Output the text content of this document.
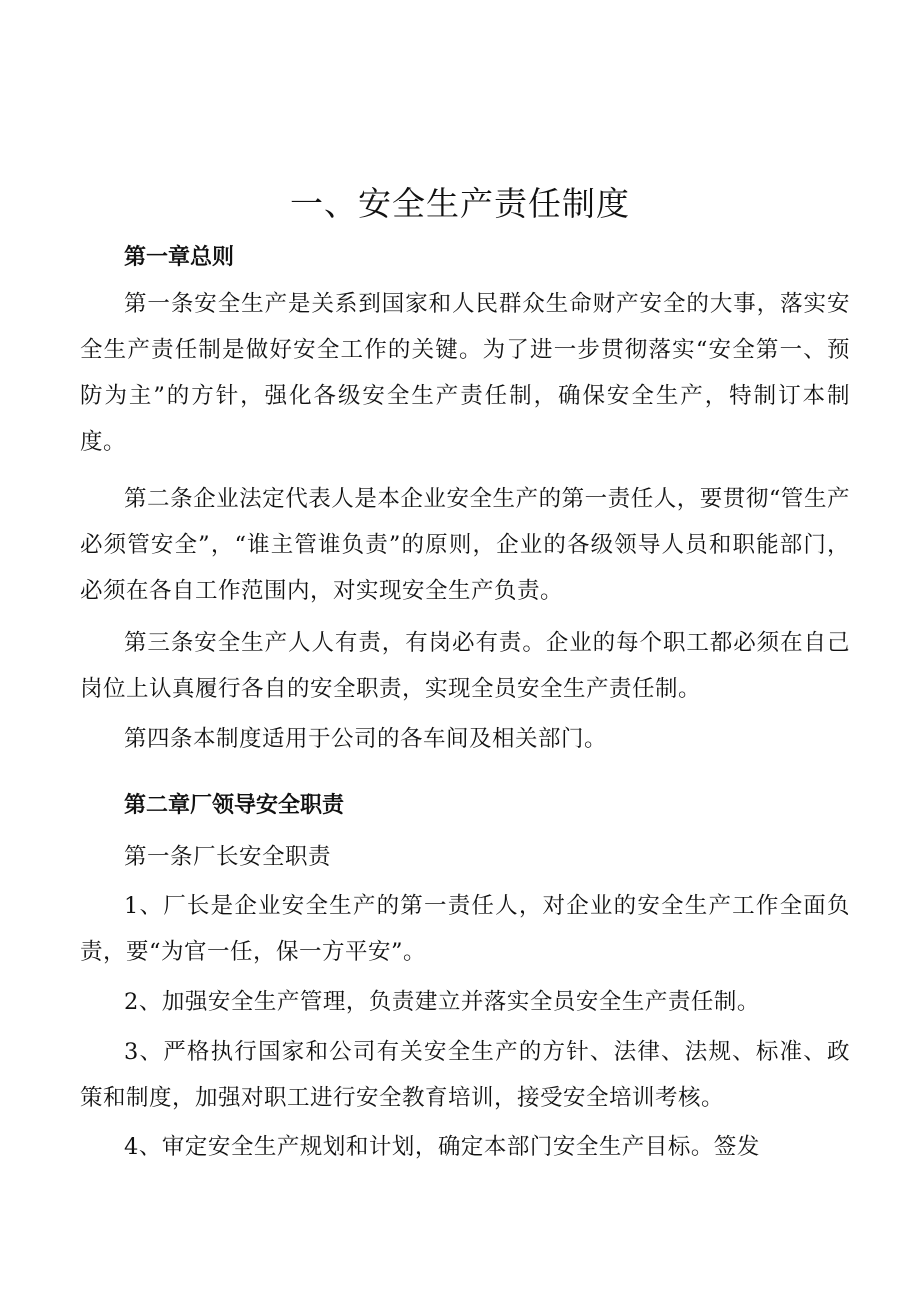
一、安全生产责任制度
第一章总则

第一条安全生产是关系到国家和人民群众生命财产安全的大事，落实安全生产责任制是做好安全工作的关键。为了进一步贯彻落实“安全第一、预防为主”的方针，强化各级安全生产责任制，确保安全生产，特制订本制度。

第二条企业法定代表人是本企业安全生产的第一责任人，要贯彻“管生产必须管安全”，“谁主管谁负责”的原则，企业的各级领导人员和职能部门，必须在各自工作范围内，对实现安全生产负责。

第三条安全生产人人有责，有岗必有责。企业的每个职工都必须在自己岗位上认真履行各自的安全职责，实现全员安全生产责任制。

第四条本制度适用于公司的各车间及相关部门。

第二章厂领导安全职责

第一条厂长安全职责

1、厂长是企业安全生产的第一责任人，对企业的安全生产工作全面负责，要“为官一任，保一方平安”。

2、加强安全生产管理，负责建立并落实全员安全生产责任制。

3、严格执行国家和公司有关安全生产的方针、法律、法规、标准、政策和制度，加强对职工进行安全教育培训，接受安全培训考核。

4、审定安全生产规划和计划，确定本部门安全生产目标。签发
